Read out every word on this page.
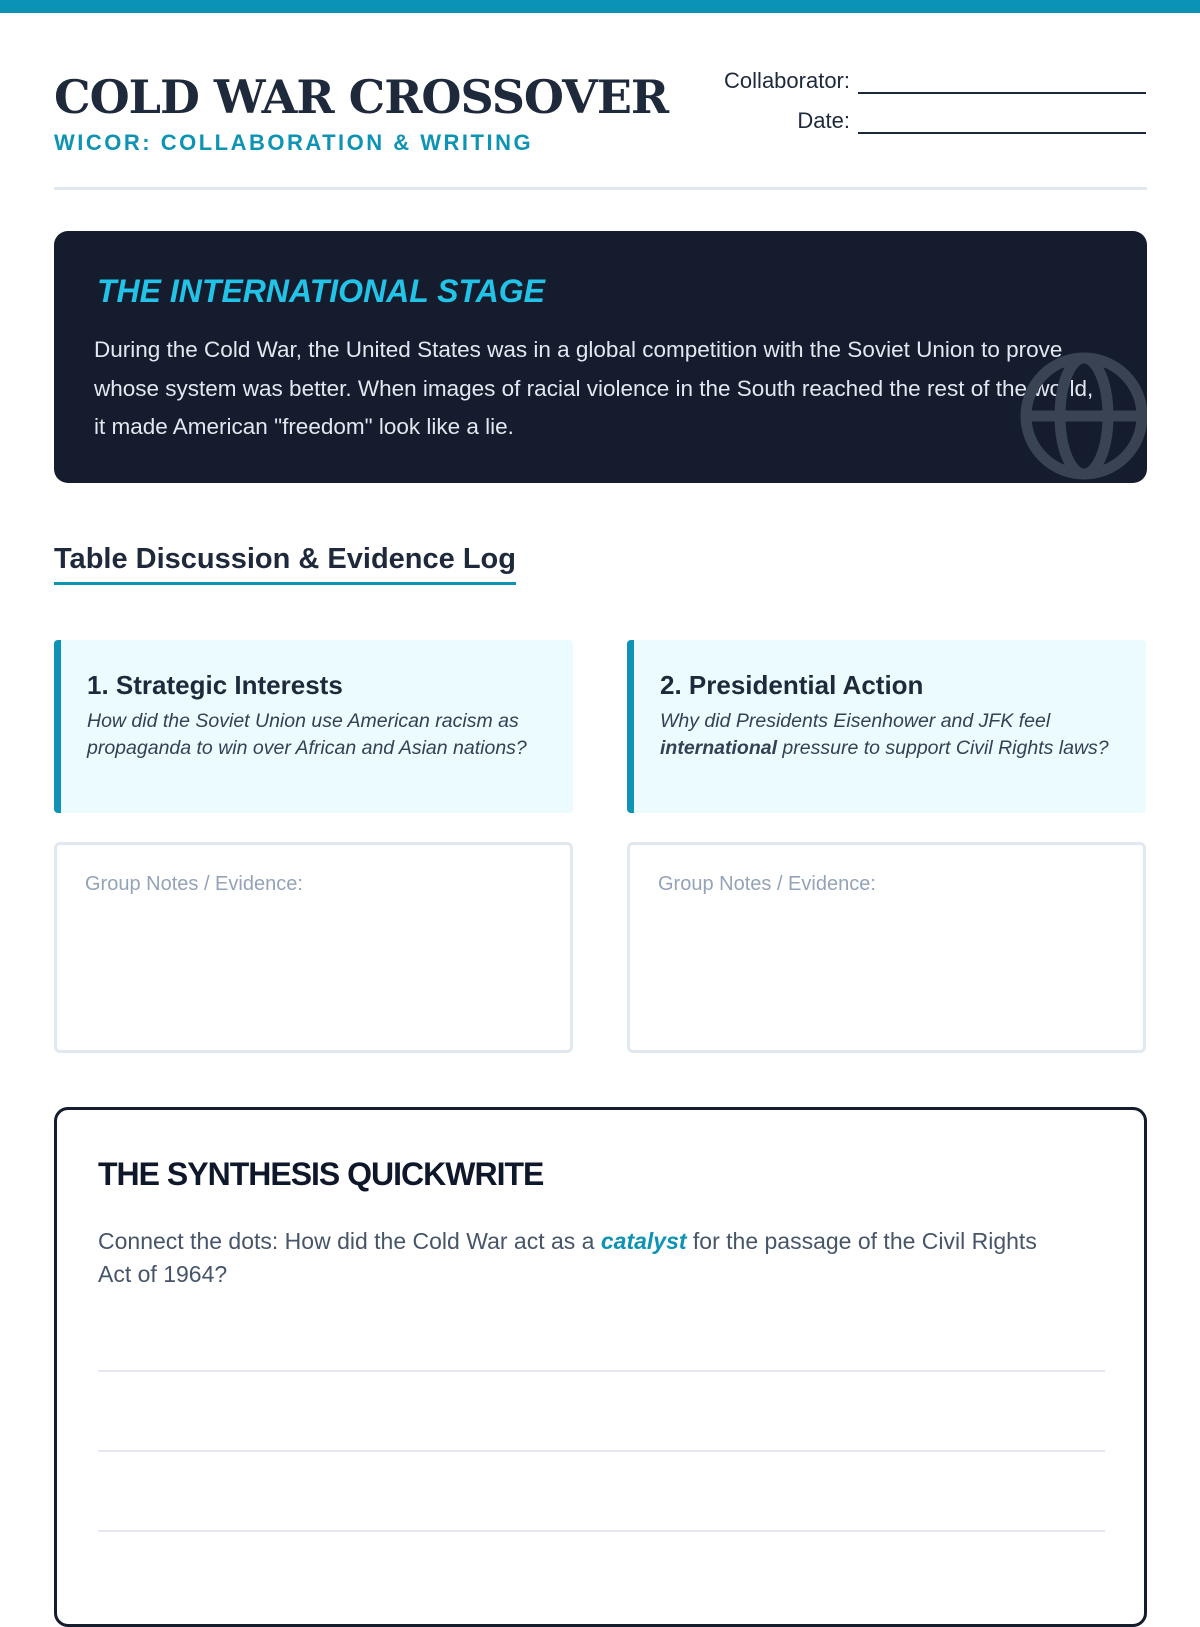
COLD WAR CROSSOVER
WICOR: COLLABORATION & WRITING
Collaborator:
Date:
THE INTERNATIONAL STAGE

During the Cold War, the United States was in a global competition with the Soviet Union to prove whose system was better. When images of racial violence in the South reached the rest of the world, it made American "freedom" look like a lie.

Table Discussion & Evidence Log
1. Strategic Interests

How did the Soviet Union use American racism as propaganda to win over African and Asian nations?

2. Presidential Action

Why did Presidents Eisenhower and JFK feel international pressure to support Civil Rights laws?

Group Notes / Evidence:	Group Notes / Evidence:
THE SYNTHESIS QUICKWRITE

Connect the dots: How did the Cold War act as a catalyst for the passage of the Civil Rights Act of 1964?
